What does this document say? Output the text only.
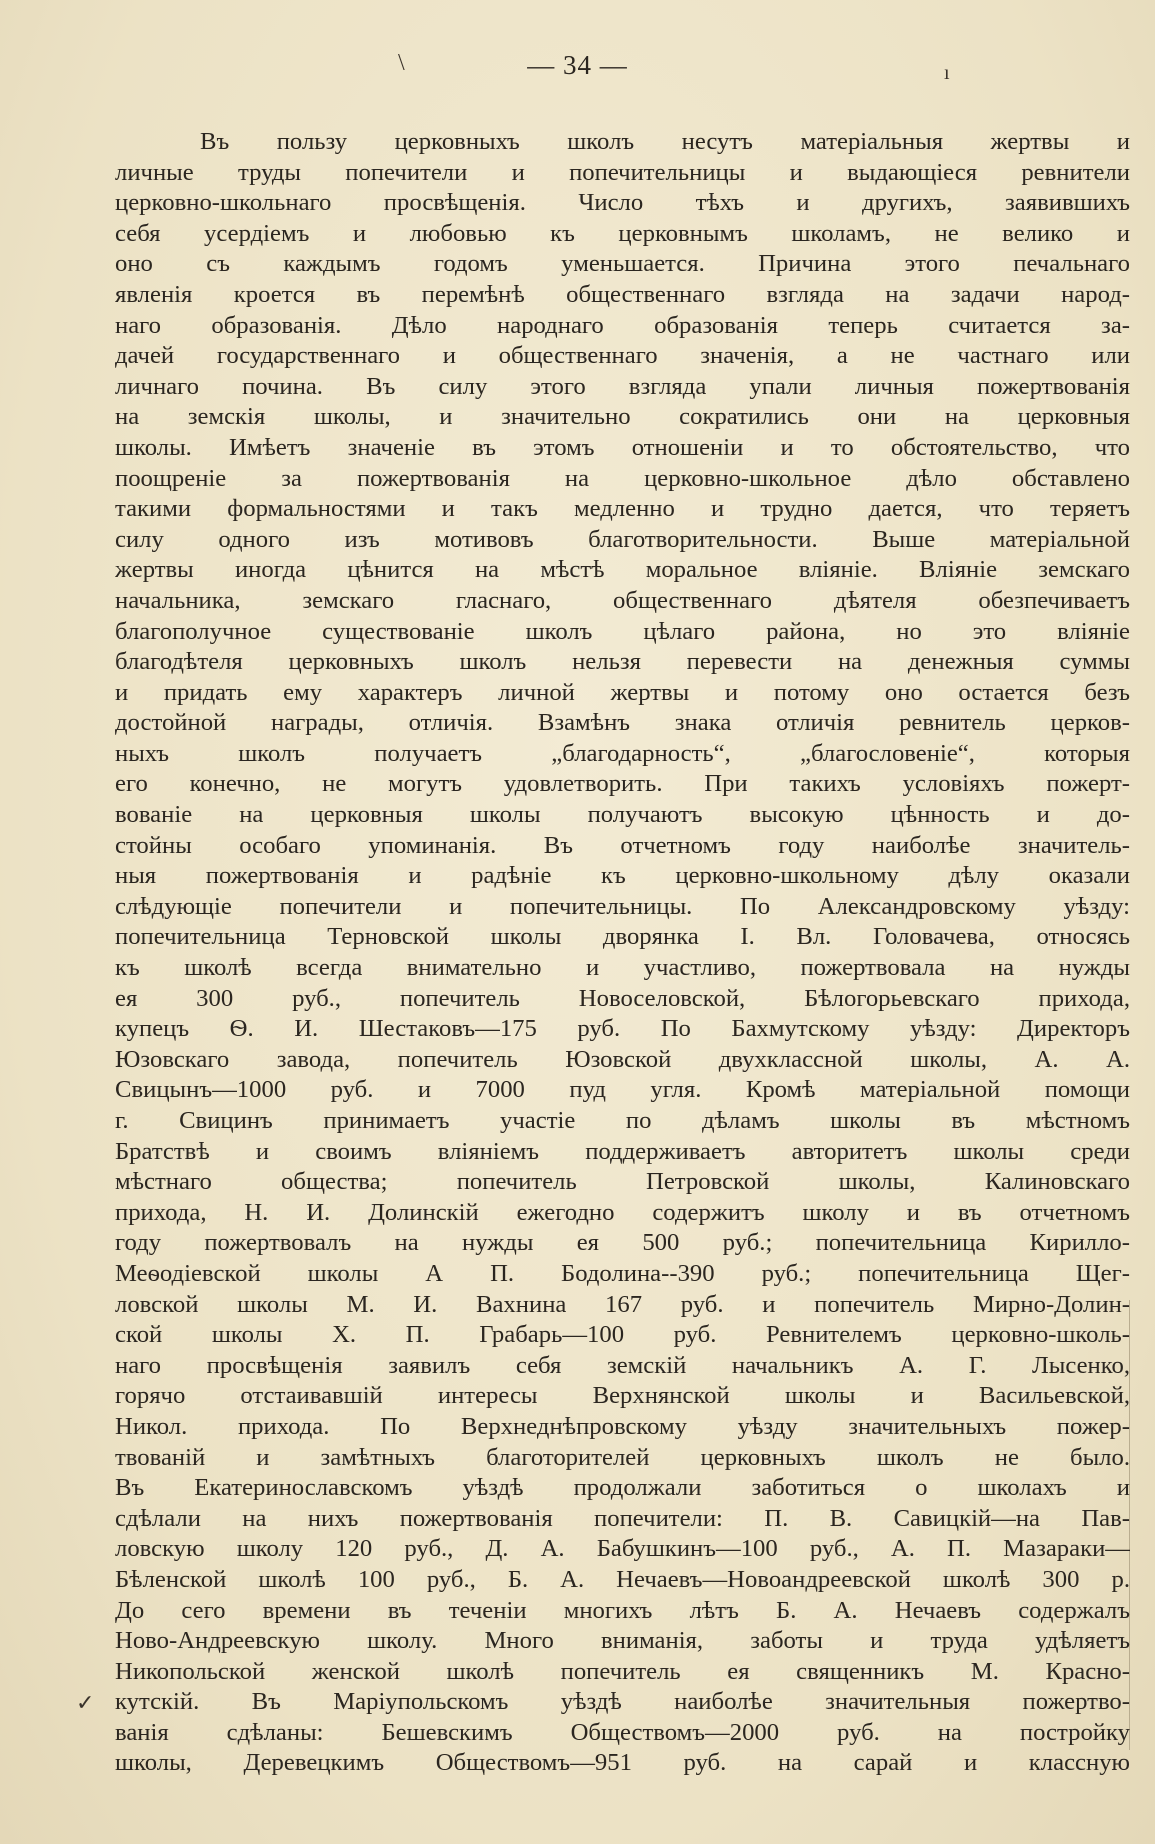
\	— 34 —	ı
✓
Въ пользу церковныхъ школъ несутъ матеріальныя жертвы и
личные труды попечители и попечительницы и выдающіеся ревнители
церковно-школьнаго просвѣщенія. Число тѣхъ и другихъ, заявившихъ
себя усердіемъ и любовью къ церковнымъ школамъ, не велико и
оно съ каждымъ годомъ уменьшается. Причина этого печальнаго
явленія кроется въ перемѣнѣ общественнаго взгляда на задачи народ-
наго образованія. Дѣло народнаго образованія теперь считается за-
дачей государственнаго и общественнаго значенія, а не частнаго или
личнаго почина. Въ силу этого взгляда упали личныя пожертвованія
на земскія школы, и значительно сократились они на церковныя
школы. Имѣетъ значеніе въ этомъ отношеніи и то обстоятельство, что
поощреніе за пожертвованія на церковно-школьное дѣло обставлено
такими формальностями и такъ медленно и трудно дается, что теряетъ
силу одного изъ мотивовъ благотворительности. Выше матеріальной
жертвы иногда цѣнится на мѣстѣ моральное вліяніе. Вліяніе земскаго
начальника, земскаго гласнаго, общественнаго дѣятеля обезпечиваетъ
благополучное существованіе школъ цѣлаго района, но это вліяніе
благодѣтеля церковныхъ школъ нельзя перевести на денежныя суммы
и придать ему характеръ личной жертвы и потому оно остается безъ
достойной награды, отличія. Взамѣнъ знака отличія ревнитель церков-
ныхъ школъ получаетъ „благодарность“, „благословеніе“, которыя
его конечно, не могутъ удовлетворить. При такихъ условіяхъ пожерт-
вованіе на церковныя школы получаютъ высокую цѣнность и до-
стойны особаго упоминанія. Въ отчетномъ году наиболѣе значитель-
ныя пожертвованія и радѣніе къ церковно-школьному дѣлу оказали
слѣдующіе попечители и попечительницы. По Александровскому уѣзду:
попечительница Терновской школы дворянка І. Вл. Головачева, относясь
къ школѣ всегда внимательно и участливо, пожертвовала на нужды
ея 300 руб., попечитель Новоселовской, Бѣлогорьевскаго прихода,
купецъ Ѳ. И. Шестаковъ—175 руб. По Бахмутскому уѣзду: Директоръ
Юзовскаго завода, попечитель Юзовской двухклассной школы, А. А.
Свицынъ—1000 руб. и 7000 пуд угля. Кромѣ матеріальной помощи
г. Свицинъ принимаетъ участіе по дѣламъ школы въ мѣстномъ
Братствѣ и своимъ вліяніемъ поддерживаетъ авторитетъ школы среди
мѣстнаго общества; попечитель Петровской школы, Калиновскаго
прихода, Н. И. Долинскій ежегодно содержитъ школу и въ отчетномъ
году пожертвовалъ на нужды ея 500 руб.; попечительница Кирилло-
Меѳодіевской школы А П. Бодолина--390 руб.; попечительница Щег-
ловской школы М. И. Вахнина 167 руб. и попечитель Мирно-Долин-
ской школы Х. П. Грабарь—100 руб. Ревнителемъ церковно-школь-
наго просвѣщенія заявилъ себя земскій начальникъ А. Г. Лысенко,
горячо отстаивавшій интересы Верхнянской школы и Васильевской,
Никол. прихода. По Верхнеднѣпровскому уѣзду значительныхъ пожер-
твованій и замѣтныхъ благоторителей церковныхъ школъ не было.
Въ Екатеринославскомъ уѣздѣ продолжали заботиться о школахъ и
сдѣлали на нихъ пожертвованія попечители: П. В. Савицкій—на Пав-
ловскую школу 120 руб., Д. А. Бабушкинъ—100 руб., А. П. Мазараки—
Бѣленской школѣ 100 руб., Б. А. Нечаевъ—Новоандреевской школѣ 300 р.
До сего времени въ теченіи многихъ лѣтъ Б. А. Нечаевъ содержалъ
Ново-Андреевскую школу. Много вниманія, заботы и труда удѣляетъ
Никопольской женской школѣ попечитель ея священникъ М. Красно-
кутскій. Въ Маріупольскомъ уѣздѣ наиболѣе значительныя пожертво-
ванія сдѣланы: Бешевскимъ Обществомъ—2000 руб. на постройку
школы, Деревецкимъ Обществомъ—951 руб. на сарай и классную
